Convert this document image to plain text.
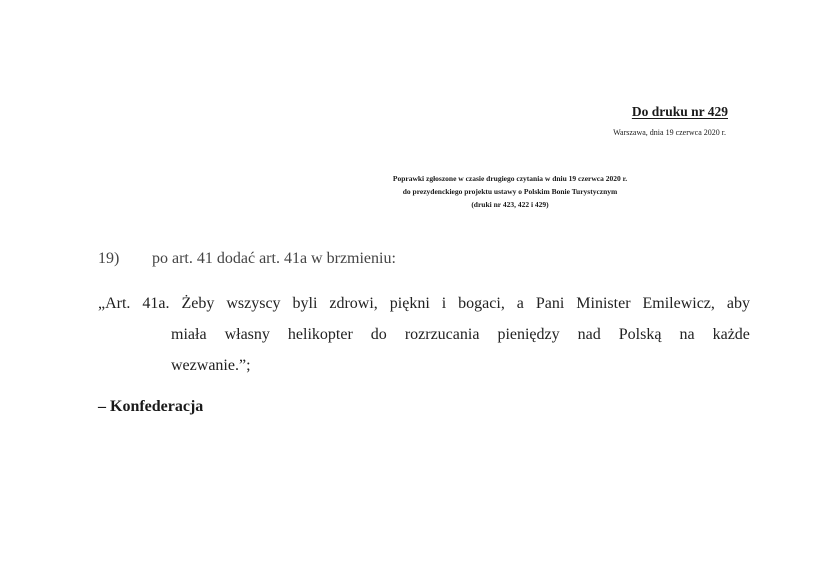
Do druku nr 429
Warszawa, dnia 19 czerwca 2020 r.
Poprawki zgłoszone w czasie drugiego czytania w dniu 19 czerwca 2020 r.
do prezydenckiego projektu ustawy o Polskim Bonie Turystycznym
(druki nr 423, 422 i 429)
19) po art. 41 dodać art. 41a w brzmieniu:
„Art. 41a. Żeby wszyscy byli zdrowi, piękni i bogaci, a Pani Minister Emilewicz, aby
miała własny helikopter do rozrzucania pieniędzy nad Polską na każde
wezwanie.”;
– Konfederacja
